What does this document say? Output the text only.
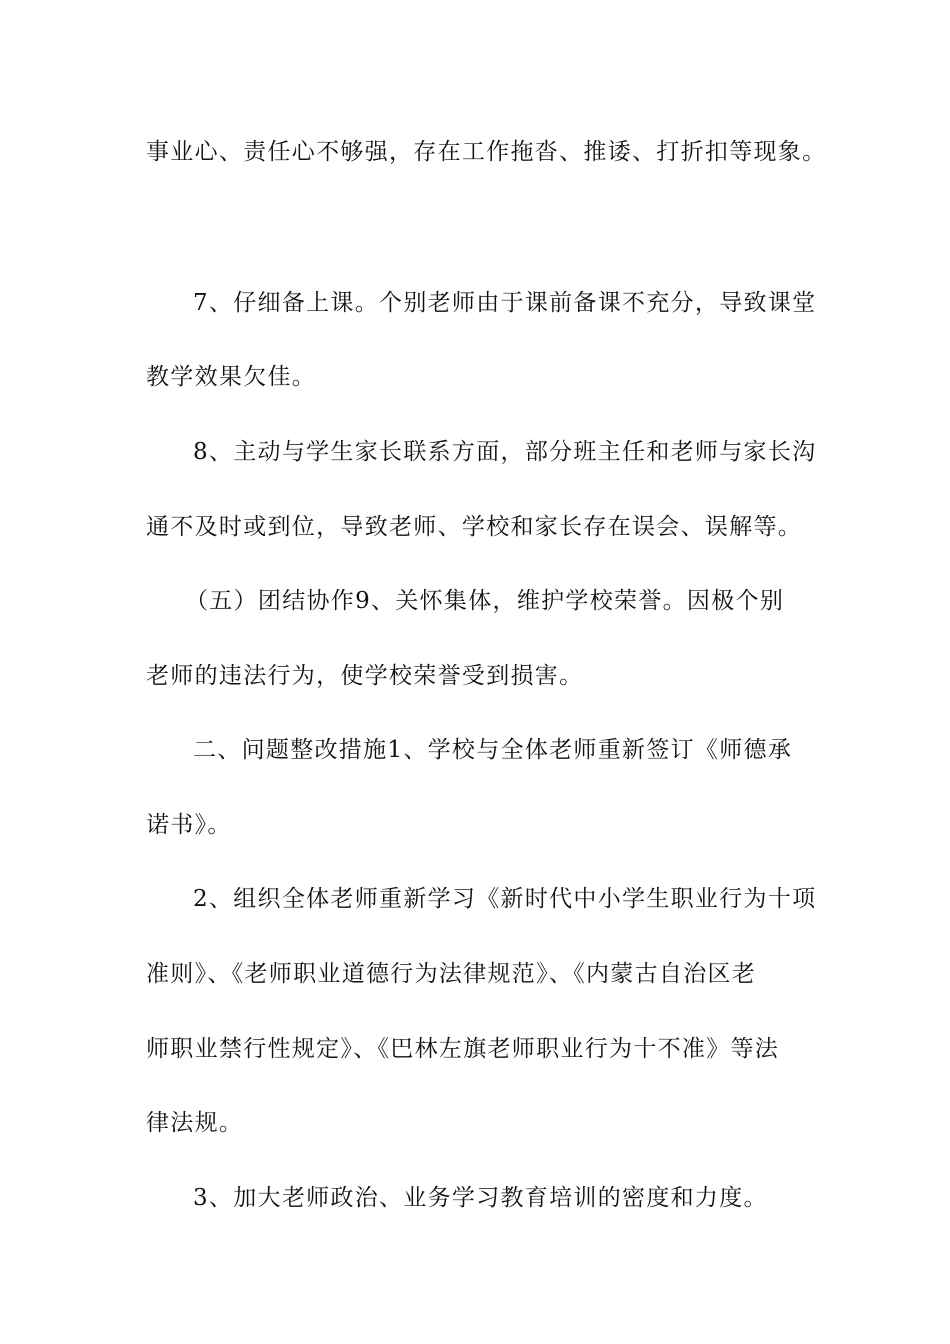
事业心、责任心不够强，存在工作拖沓、推诿、打折扣等现象。
7、仔细备上课。个别老师由于课前备课不充分，导致课堂
教学效果欠佳。
8、主动与学生家长联系方面，部分班主任和老师与家长沟
通不及时或到位，导致老师、学校和家长存在误会、误解等。
（五）团结协作9、关怀集体，维护学校荣誉。因极个别
老师的违法行为，使学校荣誉受到损害。
二、问题整改措施1、学校与全体老师重新签订《师德承
诺书》。
2、组织全体老师重新学习《新时代中小学生职业行为十项
准则》、《老师职业道德行为法律规范》、《内蒙古自治区老
师职业禁行性规定》、《巴林左旗老师职业行为十不准》等法
律法规。
3、加大老师政治、业务学习教育培训的密度和力度。
